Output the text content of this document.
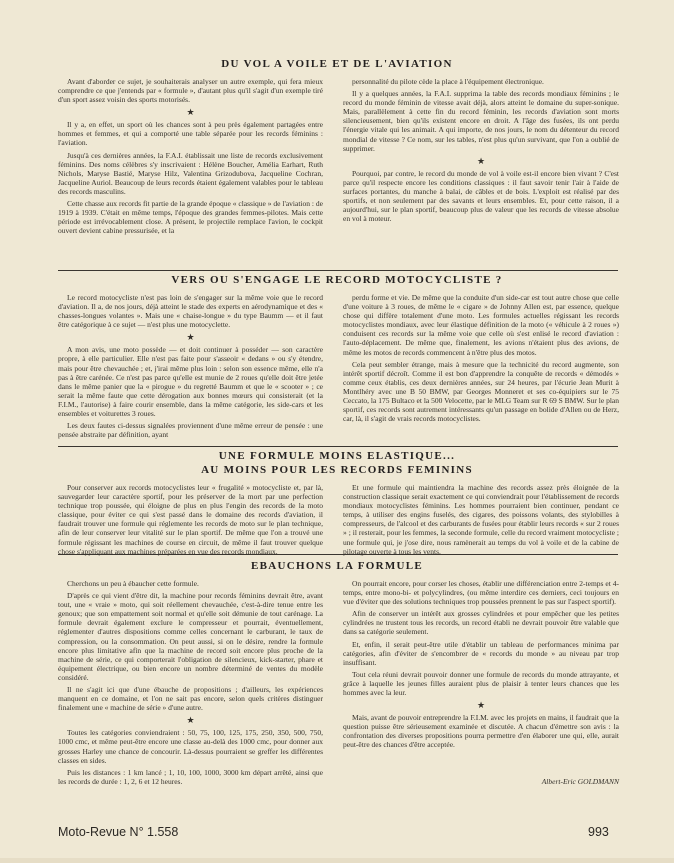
DU VOL A VOILE ET DE L'AVIATION

Avant d'aborder ce sujet, je souhaiterais analyser un autre exemple, qui fera mieux comprendre ce que j'entends par « formule », d'autant plus qu'il s'agit d'un exemple tiré d'un sport assez voisin des sports motorisés.

★

Il y a, en effet, un sport où les chances sont à peu près également partagées entre hommes et femmes, et qui a comporté une table séparée pour les records féminins : l'aviation.

Jusqu'à ces dernières années, la F.A.I. établissait une liste de records exclusivement féminins. Des noms célèbres s'y inscrivaient : Hélène Boucher, Amélia Earhart, Ruth Nichols, Maryse Bastié, Maryse Hilz, Valentina Grizodubova, Jacqueline Cochran, Jacqueline Auriol. Beaucoup de leurs records étaient également valables pour le tableau des records masculins.

Cette chasse aux records fit partie de la grande époque « classique » de l'aviation : de 1919 à 1939. C'était en même temps, l'époque des grandes femmes-pilotes. Mais cette période est irrévocablement close. A présent, le projectile remplace l'avion, le cockpit ouvert devient cabine pressurisée, et la

personnalité du pilote cède la place à l'équipement électronique.

Il y a quelques années, la F.A.I. supprima la table des records mondiaux féminins ; le record du monde féminin de vitesse avait déjà, alors atteint le domaine du super-sonique. Mais, parallèlement à cette fin du record féminin, les records d'aviation sont morts silencieusement, bien qu'ils existent encore en droit. A l'âge des fusées, ils ont perdu l'énergie vitale qui les animait. A qui importe, de nos jours, le nom du détenteur du record mondial de vitesse ? Ce nom, sur les tables, n'est plus qu'un survivant, que l'on a oublié de supprimer.

★

Pourquoi, par contre, le record du monde de vol à voile est-il encore bien vivant ? C'est parce qu'il respecte encore les conditions classiques : il faut savoir tenir l'air à l'aide de surfaces portantes, du manche à balai, de câbles et de bois. L'exploit est réalisé par des sportifs, et non seulement par des savants et leurs ensembles. Et, pour cette raison, il a aujourd'hui, sur le plan sportif, beaucoup plus de valeur que les records de vitesse absolue en vol à moteur.

VERS OU S'ENGAGE LE RECORD MOTOCYCLISTE ?

Le record motocycliste n'est pas loin de s'engager sur la même voie que le record d'aviation. Il a, de nos jours, déjà atteint le stade des experts en aérodynamique et des « chasses-longues volantes ». Mais une « chaise-longue » du type Baumm — et il faut être catégorique à ce sujet — n'est plus une motocyclette.

★

A mon avis, une moto possède — et doit continuer à posséder — son caractère propre, à elle particulier. Elle n'est pas faite pour s'asseoir « dedans » ou s'y étendre, mais pour être chevauchée ; et, j'irai même plus loin : selon son essence même, elle n'a pas à être carénée. Ce n'est pas parce qu'elle est munie de 2 roues qu'elle doit être jetée dans le même panier que la « pirogue » du regretté Baumm et que le « scooter » ; ce serait la même faute que cette dérogation aux bonnes mœurs qui consisterait (et la F.I.M., l'autorise) à faire courir ensemble, dans la même catégorie, les side-cars et les ensembles et voiturettes 3 roues.

Les deux fautes ci-dessus signalées proviennent d'une même erreur de pensée : une pensée abstraite par définition, ayant

perdu forme et vie. De même que la conduite d'un side-car est tout autre chose que celle d'une voiture à 3 roues, de même le « cigare » de Johnny Allen est, par essence, quelque chose qui diffère totalement d'une moto. Les formules actuelles régissant les records motocyclistes mondiaux, avec leur élastique définition de la moto (« véhicule à 2 roues ») conduisent ces records sur la même voie que celle où s'est enlisé le record d'aviation : l'auto-déplacement. De même que, finalement, les avions n'étaient plus des avions, de même les motos de records commencent à n'être plus des motos.

Cela peut sembler étrange, mais à mesure que la technicité du record augmente, son intérêt sportif décroît. Comme il est bon d'apprendre la conquête de records « démodés » comme ceux établis, ces deux dernières années, sur 24 heures, par l'écurie Jean Murit à Montlhéry avec une B 50 BMW, par Georges Monneret et ses co-équipiers sur le 75 Ceccato, la 175 Bultaco et la 500 Velocette, par le MLG Team sur R 69 S BMW. Sur le plan sportif, ces records sont autrement intéressants qu'un passage en bolide d'Allen ou de Herz, car, là, il s'agit de vrais records motocyclistes.

UNE FORMULE MOINS ELASTIQUE...
AU MOINS POUR LES RECORDS FEMININS

Pour conserver aux records motocyclistes leur « frugalité » motocycliste et, par là, sauvegarder leur caractère sportif, pour les préserver de la mort par une perfection technique trop poussée, qui éloigne de plus en plus l'engin des records de la moto classique, pour éviter ce qui s'est passé dans le domaine des records d'aviation, il faudrait trouver une formule qui réglemente les records de moto sur le plan technique, afin de leur conserver leur vitalité sur le plan sportif. De même que l'on a trouvé une formule régissant les machines de course en circuit, de même il faut trouver quelque chose s'appliquant aux machines préparées en vue des records mondiaux.

Et une formule qui maintiendra la machine des records assez près éloignée de la construction classique serait exactement ce qui conviendrait pour l'établissement de records mondiaux motocyclistes féminins. Les hommes pourraient bien continuer, pendant ce temps, à utiliser des engins fuselés, des cigares, des poissons volants, des stylobilles à compresseurs, de l'alcool et des carburants de fusées pour établir leurs records « sur 2 roues » ; il resterait, pour les femmes, la seconde formule, celle du record vraiment motocycliste ; une formule qui, je j'ose dire, nous ramènerait au temps du vol à voile et de la cabine de pilotage ouverte à tous les vents.

EBAUCHONS LA FORMULE

Cherchons un peu à ébaucher cette formule.

D'après ce qui vient d'être dit, la machine pour records féminins devrait être, avant tout, une « vraie » moto, qui soit réellement chevauchée, c'est-à-dire tenue entre les genoux; que son empattement soit normal et qu'elle soit démunie de tout carénage. La formule devrait également exclure le compresseur et pourrait, éventuellement, réglementer d'autres dispositions comme celles concernant le carburant, le taux de compression, ou la consommation. On peut aussi, si on le désire, rendre la formule encore plus limitative afin que la machine de record soit encore plus proche de la machine de série, ce qui comporterait l'obligation de silencieux, kick-starter, phare et équipement électrique, ou bien encore un nombre déterminé de ventes du modèle considéré.

Il ne s'agit ici que d'une ébauche de propositions ; d'ailleurs, les expériences manquent en ce domaine, et l'on ne sait pas encore, selon quels critères distinguer finalement une « machine de série » d'une autre.

★

Toutes les catégories conviendraient : 50, 75, 100, 125, 175, 250, 350, 500, 750, 1000 cmc, et même peut-être encore une classe au-delà des 1000 cmc, pour donner aux grosses Harley une chance de concourir. Là-dessus pourraient se greffer les différentes classes en sides.

Puis les distances : 1 km lancé ; 1, 10, 100, 1000, 3000 km départ arrêté, ainsi que les records de durée : 1, 2, 6 et 12 heures.

On pourrait encore, pour corser les choses, établir une différenciation entre 2-temps et 4-temps, entre mono-bi- et polycylindres, (ou même interdire ces derniers, ceci toujours en vue d'éviter que des solutions techniques trop poussées prennent le pas sur l'aspect sportif).

Afin de conserver un intérêt aux grosses cylindrées et pour empêcher que les petites cylindrées ne trustent tous les records, un record établi ne devrait pouvoir être valable que dans sa catégorie seulement.

Et, enfin, il serait peut-être utile d'établir un tableau de performances minima par catégories, afin d'éviter de s'encombrer de « records du monde » au niveau par trop insuffisant.

Tout cela réuni devrait pouvoir donner une formule de records du monde attrayante, et grâce à laquelle les jeunes filles auraient plus de plaisir à tenter leurs chances que les hommes avec la leur.

★

Mais, avant de pouvoir entreprendre la F.I.M. avec les projets en mains, il faudrait que la question puisse être sérieusement examinée et discutée. A chacun d'émettre son avis : la confrontation des diverses propositions pourra permettre d'en élaborer une qui, elle, aurait peut-être des chances d'être acceptée.

Albert-Eric GOLDMANN
Moto-Revue N° 1.558	993
